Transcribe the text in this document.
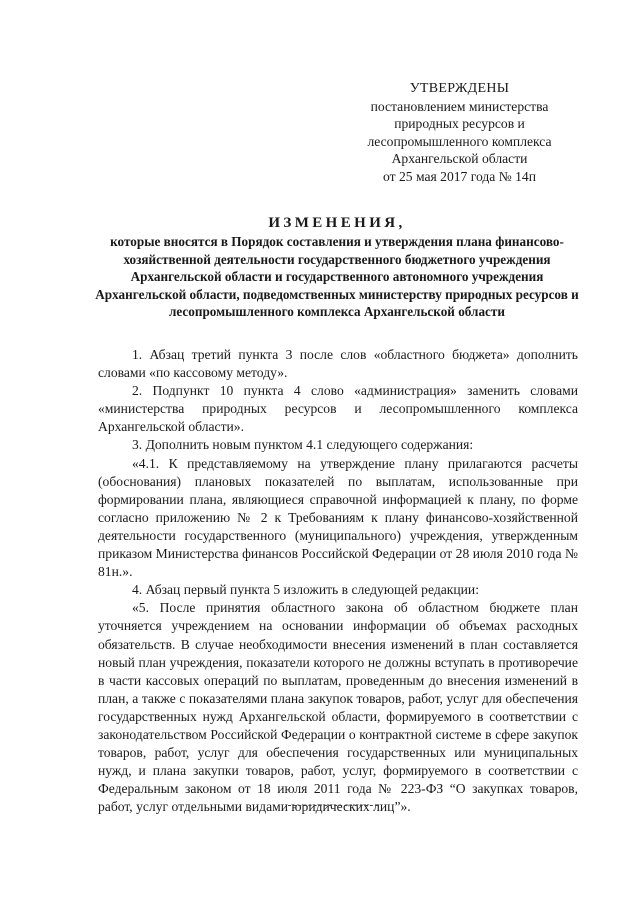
УТВЕРЖДЕНЫ
постановлением министерства
природных ресурсов и
лесопромышленного комплекса
Архангельской области
от 25 мая 2017 года № 14п
ИЗМЕНЕНИЯ,
которые вносятся в Порядок составления и утверждения плана финансово-хозяйственной деятельности государственного бюджетного учреждения Архангельской области и государственного автономного учреждения Архангельской области, подведомственных министерству природных ресурсов и лесопромышленного комплекса Архангельской области

1. Абзац третий пункта 3 после слов «областного бюджета» дополнить словами «по кассовому методу».

2. Подпункт 10 пункта 4 слово «администрация» заменить словами «министерства природных ресурсов и лесопромышленного комплекса Архангельской области».

3. Дополнить новым пунктом 4.1 следующего содержания:

«4.1. К представляемому на утверждение плану прилагаются расчеты (обоснования) плановых показателей по выплатам, использованные при формировании плана, являющиеся справочной информацией к плану, по форме согласно приложению № 2 к Требованиям к плану финансово-хозяйственной деятельности государственного (муниципального) учреждения, утвержденным приказом Министерства финансов Российской Федерации от 28 июля 2010 года № 81н.».

4. Абзац первый пункта 5 изложить в следующей редакции:

«5. После принятия областного закона об областном бюджете план уточняется учреждением на основании информации об объемах расходных обязательств. В случае необходимости внесения изменений в план составляется новый план учреждения, показатели которого не должны вступать в противоречие в части кассовых операций по выплатам, проведенным до внесения изменений в план, а также с показателями плана закупок товаров, работ, услуг для обеспечения государственных нужд Архангельской области, формируемого в соответствии с законодательством Российской Федерации о контрактной системе в сфере закупок товаров, работ, услуг для обеспечения государственных или муниципальных нужд, и плана закупки товаров, работ, услуг, формируемого в соответствии с Федеральным законом от 18 июля 2011 года № 223-ФЗ “О закупках товаров, работ, услуг отдельными видами юридических лиц”».
